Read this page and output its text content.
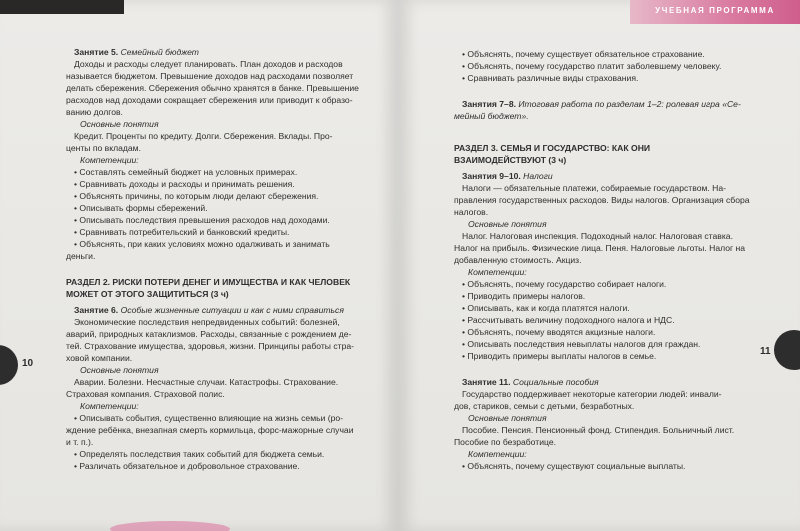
10
Занятие 5. Семейный бюджет
Доходы и расходы следует планировать. План доходов и расходов
называется бюджетом. Превышение доходов над расходами позволяет
делать сбережения. Сбережения обычно хранятся в банке. Превышение
расходов над доходами сокращает сбережения или приводит к образо-
ванию долгов.
Основные понятия
Кредит. Проценты по кредиту. Долги. Сбережения. Вклады. Про-
центы по вкладам.
Компетенции:
• Составлять семейный бюджет на условных примерах.
• Сравнивать доходы и расходы и принимать решения.
• Объяснять причины, по которым люди делают сбережения.
• Описывать формы сбережений.
• Описывать последствия превышения расходов над доходами.
• Сравнивать потребительский и банковский кредиты.
• Объяснять, при каких условиях можно одалживать и занимать
деньги.
РАЗДЕЛ 2. РИСКИ ПОТЕРИ ДЕНЕГ И ИМУЩЕСТВА И КАК ЧЕЛОВЕК
МОЖЕТ ОТ ЭТОГО ЗАЩИТИТЬСЯ (3 ч)
Занятие 6. Особые жизненные ситуации и как с ними справиться
Экономические последствия непредвиденных событий: болезней,
аварий, природных катаклизмов. Расходы, связанные с рождением де-
тей. Страхование имущества, здоровья, жизни. Принципы работы стра-
ховой компании.
Основные понятия
Аварии. Болезни. Несчастные случаи. Катастрофы. Страхование.
Страховая компания. Страховой полис.
Компетенции:
• Описывать события, существенно влияющие на жизнь семьи (ро-
ждение ребёнка, внезапная смерть кормильца, форс-мажорные случаи
и т. п.).
• Определять последствия таких событий для бюджета семьи.
• Различать обязательное и добровольное страхование.
УЧЕБНАЯ ПРОГРАММА
11
• Объяснять, почему существует обязательное страхование.
• Объяснять, почему государство платит заболевшему человеку.
• Сравнивать различные виды страхования.
Занятия 7–8. Итоговая работа по разделам 1–2: ролевая игра «Се-
мейный бюджет».
РАЗДЕЛ 3. СЕМЬЯ И ГОСУДАРСТВО: КАК ОНИ
ВЗАИМОДЕЙСТВУЮТ (3 ч)
Занятия 9–10. Налоги
Налоги — обязательные платежи, собираемые государством. На-
правления государственных расходов. Виды налогов. Организация сбора
налогов.
Основные понятия
Налог. Налоговая инспекция. Подоходный налог. Налоговая ставка.
Налог на прибыль. Физические лица. Пеня. Налоговые льготы. Налог на
добавленную стоимость. Акциз.
Компетенции:
• Объяснять, почему государство собирает налоги.
• Приводить примеры налогов.
• Описывать, как и когда платятся налоги.
• Рассчитывать величину подоходного налога и НДС.
• Объяснять, почему вводятся акцизные налоги.
• Описывать последствия невыплаты налогов для граждан.
• Приводить примеры выплаты налогов в семье.
Занятие 11. Социальные пособия
Государство поддерживает некоторые категории людей: инвали-
дов, стариков, семьи с детьми, безработных.
Основные понятия
Пособие. Пенсия. Пенсионный фонд. Стипендия. Больничный лист.
Пособие по безработице.
Компетенции:
• Объяснять, почему существуют социальные выплаты.
